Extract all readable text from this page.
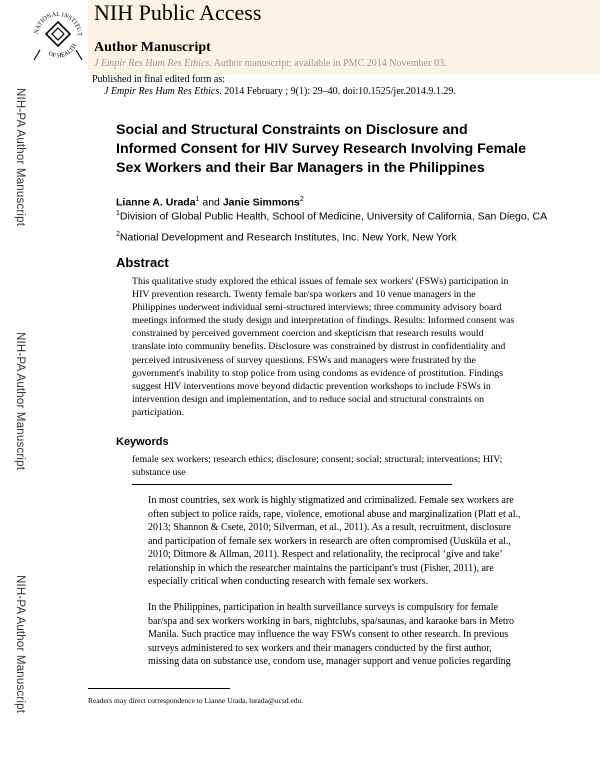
NATIONAL INSTITUT
OF HEALTH
NIH Public Access
Author Manuscript
J Empir Res Hum Res Ethics. Author manuscript; available in PMC 2014 November 03.
NIH-PA Author Manuscript
NIH-PA Author Manuscript
NIH-PA Author Manuscript
Published in final edited form as:
J Empir Res Hum Res Ethics. 2014 February ; 9(1): 29–40. doi:10.1525/jer.2014.9.1.29.
Social and Structural Constraints on Disclosure and Informed Consent for HIV Survey Research Involving Female Sex Workers and their Bar Managers in the Philippines
Lianne A. Urada$^1$ and Janie Simmons$^2$
$^1$Division of Global Public Health, School of Medicine, University of California, San Diego, CA
$^2$National Development and Research Institutes, Inc. New York, New York
Abstract

This qualitative study explored the ethical issues of female sex workers' (FSWs) participation in HIV prevention research. Twenty female bar/spa workers and 10 venue managers in the Philippines underwent individual semi-structured interviews; three community advisory board meetings informed the study design and interpretation of findings. Results: Informed consent was constrained by perceived government coercion and skepticism that research results would translate into community benefits. Disclosure was constrained by distrust in confidentiality and perceived intrusiveness of survey questions. FSWs and managers were frustrated by the government's inability to stop police from using condoms as evidence of prostitution. Findings suggest HIV interventions move beyond didactic prevention workshops to include FSWs in intervention design and implementation, and to reduce social and structural constraints on participation.

Keywords

female sex workers; research ethics; disclosure; consent; social; structural; interventions; HIV; substance use

In most countries, sex work is highly stigmatized and criminalized. Female sex workers are often subject to police raids, rape, violence, emotional abuse and marginalization (Platt et al., 2013; Shannon & Csete, 2010; Silverman, et al., 2011). As a result, recruitment, disclosure and participation of female sex workers in research are often compromised (Uusküla et al., 2010; Ditmore & Allman, 2011). Respect and relationality, the reciprocal ‘give and take’ relationship in which the researcher maintains the participant's trust (Fisher, 2011), are especially critical when conducting research with female sex workers.

In the Philippines, participation in health surveillance surveys is compulsory for female bar/spa and sex workers working in bars, nightclubs, spa/saunas, and karaoke bars in Metro Manila. Such practice may influence the way FSWs consent to other research. In previous surveys administered to sex workers and their managers conducted by the first author, missing data on substance use, condom use, manager support and venue policies regarding

Readers may direct correspondence to Lianne Urada, lurada@ucsd.edu.
